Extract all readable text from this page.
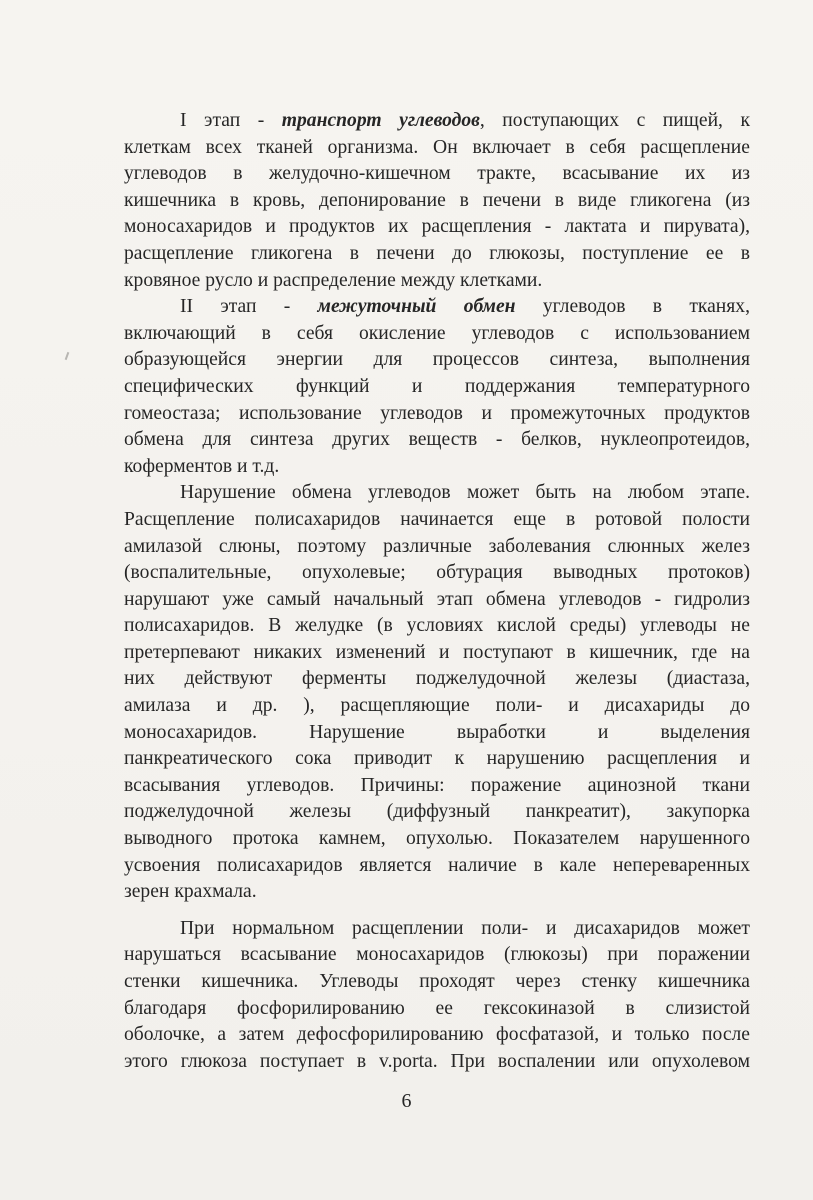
I этап - транспорт углеводов, поступающих с пищей, к
клеткам всех тканей организма. Он включает в себя расщепление
углеводов в желудочно-кишечном тракте, всасывание их из
кишечника в кровь, депонирование в печени в виде гликогена (из
моносахаридов и продуктов их расщепления - лактата и пирувата),
расщепление гликогена в печени до глюкозы, поступление ее в
кровяное русло и распределение между клетками.
II этап - межуточный обмен углеводов в тканях,
включающий в себя окисление углеводов с использованием
образующейся энергии для процессов синтеза, выполнения
специфических функций и поддержания температурного
гомеостаза; использование углеводов и промежуточных продуктов
обмена для синтеза других веществ - белков, нуклеопротеидов,
коферментов и т.д.
Нарушение обмена углеводов может быть на любом этапе.
Расщепление полисахаридов начинается еще в ротовой полости
амилазой слюны, поэтому различные заболевания слюнных желез
(воспалительные, опухолевые; обтурация выводных протоков)
нарушают уже самый начальный этап обмена углеводов - гидролиз
полисахаридов. В желудке (в условиях кислой среды) углеводы не
претерпевают никаких изменений и поступают в кишечник, где на
них действуют ферменты поджелудочной железы (диастаза,
амилаза и др. ), расщепляющие поли- и дисахариды до
моносахаридов. Нарушение выработки и выделения
панкреатического сока приводит к нарушению расщепления и
всасывания углеводов. Причины: поражение ацинозной ткани
поджелудочной железы (диффузный панкреатит), закупорка
выводного протока камнем, опухолью. Показателем нарушенного
усвоения полисахаридов является наличие в кале непереваренных
зерен крахмала.
При нормальном расщеплении поли- и дисахаридов может
нарушаться всасывание моносахаридов (глюкозы) при поражении
стенки кишечника. Углеводы проходят через стенку кишечника
благодаря фосфорилированию ее гексокиназой в слизистой
оболочке, а затем дефосфорилированию фосфатазой, и только после
этого глюкоза поступает в v.porta. При воспалении или опухолевом
6
